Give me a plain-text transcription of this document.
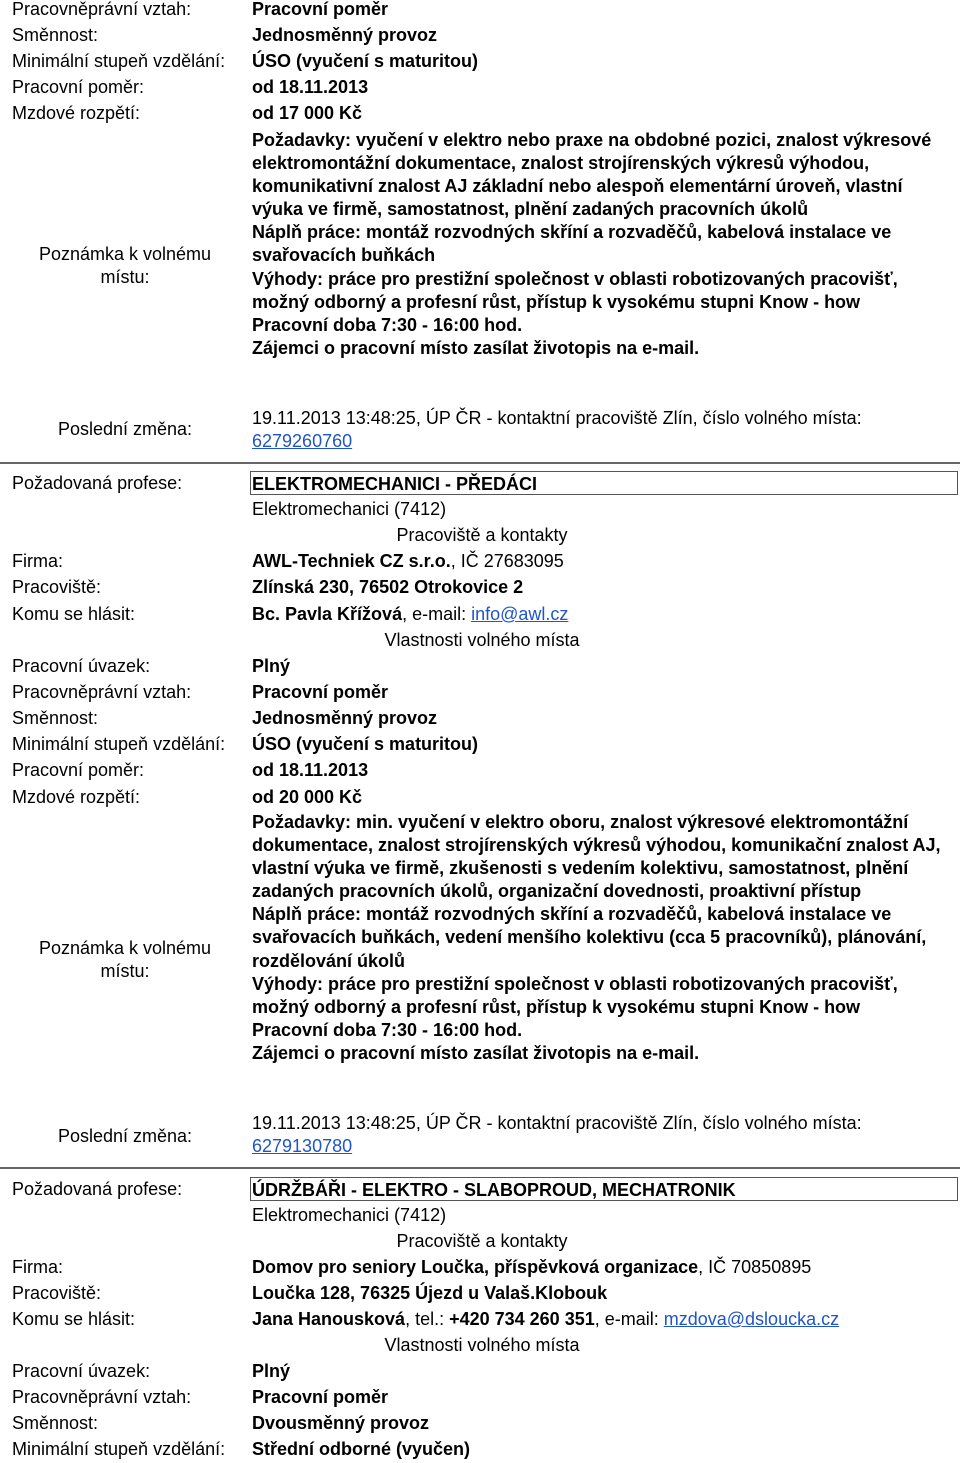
Pracovněprávní vztah:	Pracovní poměr
Směnnost:	Jednosměnný provoz
Minimální stupeň vzdělání: ÚSO (vyučení s maturitou)
Pracovní poměr:	od 18.11.2013
Mzdové rozpětí:	od 17 000 Kč
Poznámka k volnému místu:

Požadavky: vyučení v elektro nebo praxe na obdobné pozici, znalost výkresové elektromontážní dokumentace, znalost strojírenských výkresů výhodou, komunikativní znalost AJ základní nebo alespoň elementární úroveň, vlastní výuka ve firmě, samostatnost, plnění zadaných pracovních úkolů

Náplň práce: montáž rozvodných skříní a rozvaděčů, kabelová instalace ve svařovacích buňkách

Výhody: práce pro prestižní společnost v oblasti robotizovaných pracovišť, možný odborný a profesní růst, přístup k vysokému stupni Know - how

Pracovní doba 7:30 - 16:00 hod.

Zájemci o pracovní místo zasílat životopis na e-mail.

Poslední změna:
19.11.2013 13:48:25, ÚP ČR - kontaktní pracoviště Zlín, číslo volného místa:
6279260760
Požadovaná profese:	ELEKTROMECHANICI - PŘEDÁCI
Elektromechanici (7412)
Pracoviště a kontakty
Firma:	AWL-Techniek CZ s.r.o., IČ 27683095
Pracoviště:	Zlínská 230, 76502 Otrokovice 2
Komu se hlásit:	Bc. Pavla Křížová, e-mail: info@awl.cz
Vlastnosti volného místa
Pracovní úvazek:	Plný
Pracovněprávní vztah:	Pracovní poměr
Směnnost:	Jednosměnný provoz
Minimální stupeň vzdělání: ÚSO (vyučení s maturitou)
Pracovní poměr:	od 18.11.2013
Mzdové rozpětí:	od 20 000 Kč
Poznámka k volnému místu:

Požadavky: min. vyučení v elektro oboru, znalost výkresové elektromontážní dokumentace, znalost strojírenských výkresů výhodou, komunikační znalost AJ, vlastní výuka ve firmě, zkušenosti s vedením kolektivu, samostatnost, plnění zadaných pracovních úkolů, organizační dovednosti, proaktivní přístup

Náplň práce: montáž rozvodných skříní a rozvaděčů, kabelová instalace ve svařovacích buňkách, vedení menšího kolektivu (cca 5 pracovníků), plánování, rozdělování úkolů

Výhody: práce pro prestižní společnost v oblasti robotizovaných pracovišť, možný odborný a profesní růst, přístup k vysokému stupni Know - how

Pracovní doba 7:30 - 16:00 hod.

Zájemci o pracovní místo zasílat životopis na e-mail.

Poslední změna:
19.11.2013 13:48:25, ÚP ČR - kontaktní pracoviště Zlín, číslo volného místa:
6279130780
Požadovaná profese:	ÚDRŽBÁŘI - ELEKTRO - SLABOPROUD, MECHATRONIK
Elektromechanici (7412)
Pracoviště a kontakty
Firma:	Domov pro seniory Loučka, příspěvková organizace, IČ 70850895
Pracoviště:	Loučka 128, 76325 Újezd u Valaš.Klobouk
Komu se hlásit:	Jana Hanousková, tel.: +420 734 260 351, e-mail: mzdova@dsloucka.cz
Vlastnosti volného místa
Pracovní úvazek:	Plný
Pracovněprávní vztah:	Pracovní poměr
Směnnost:	Dvousměnný provoz
Minimální stupeň vzdělání: Střední odborné (vyučen)
